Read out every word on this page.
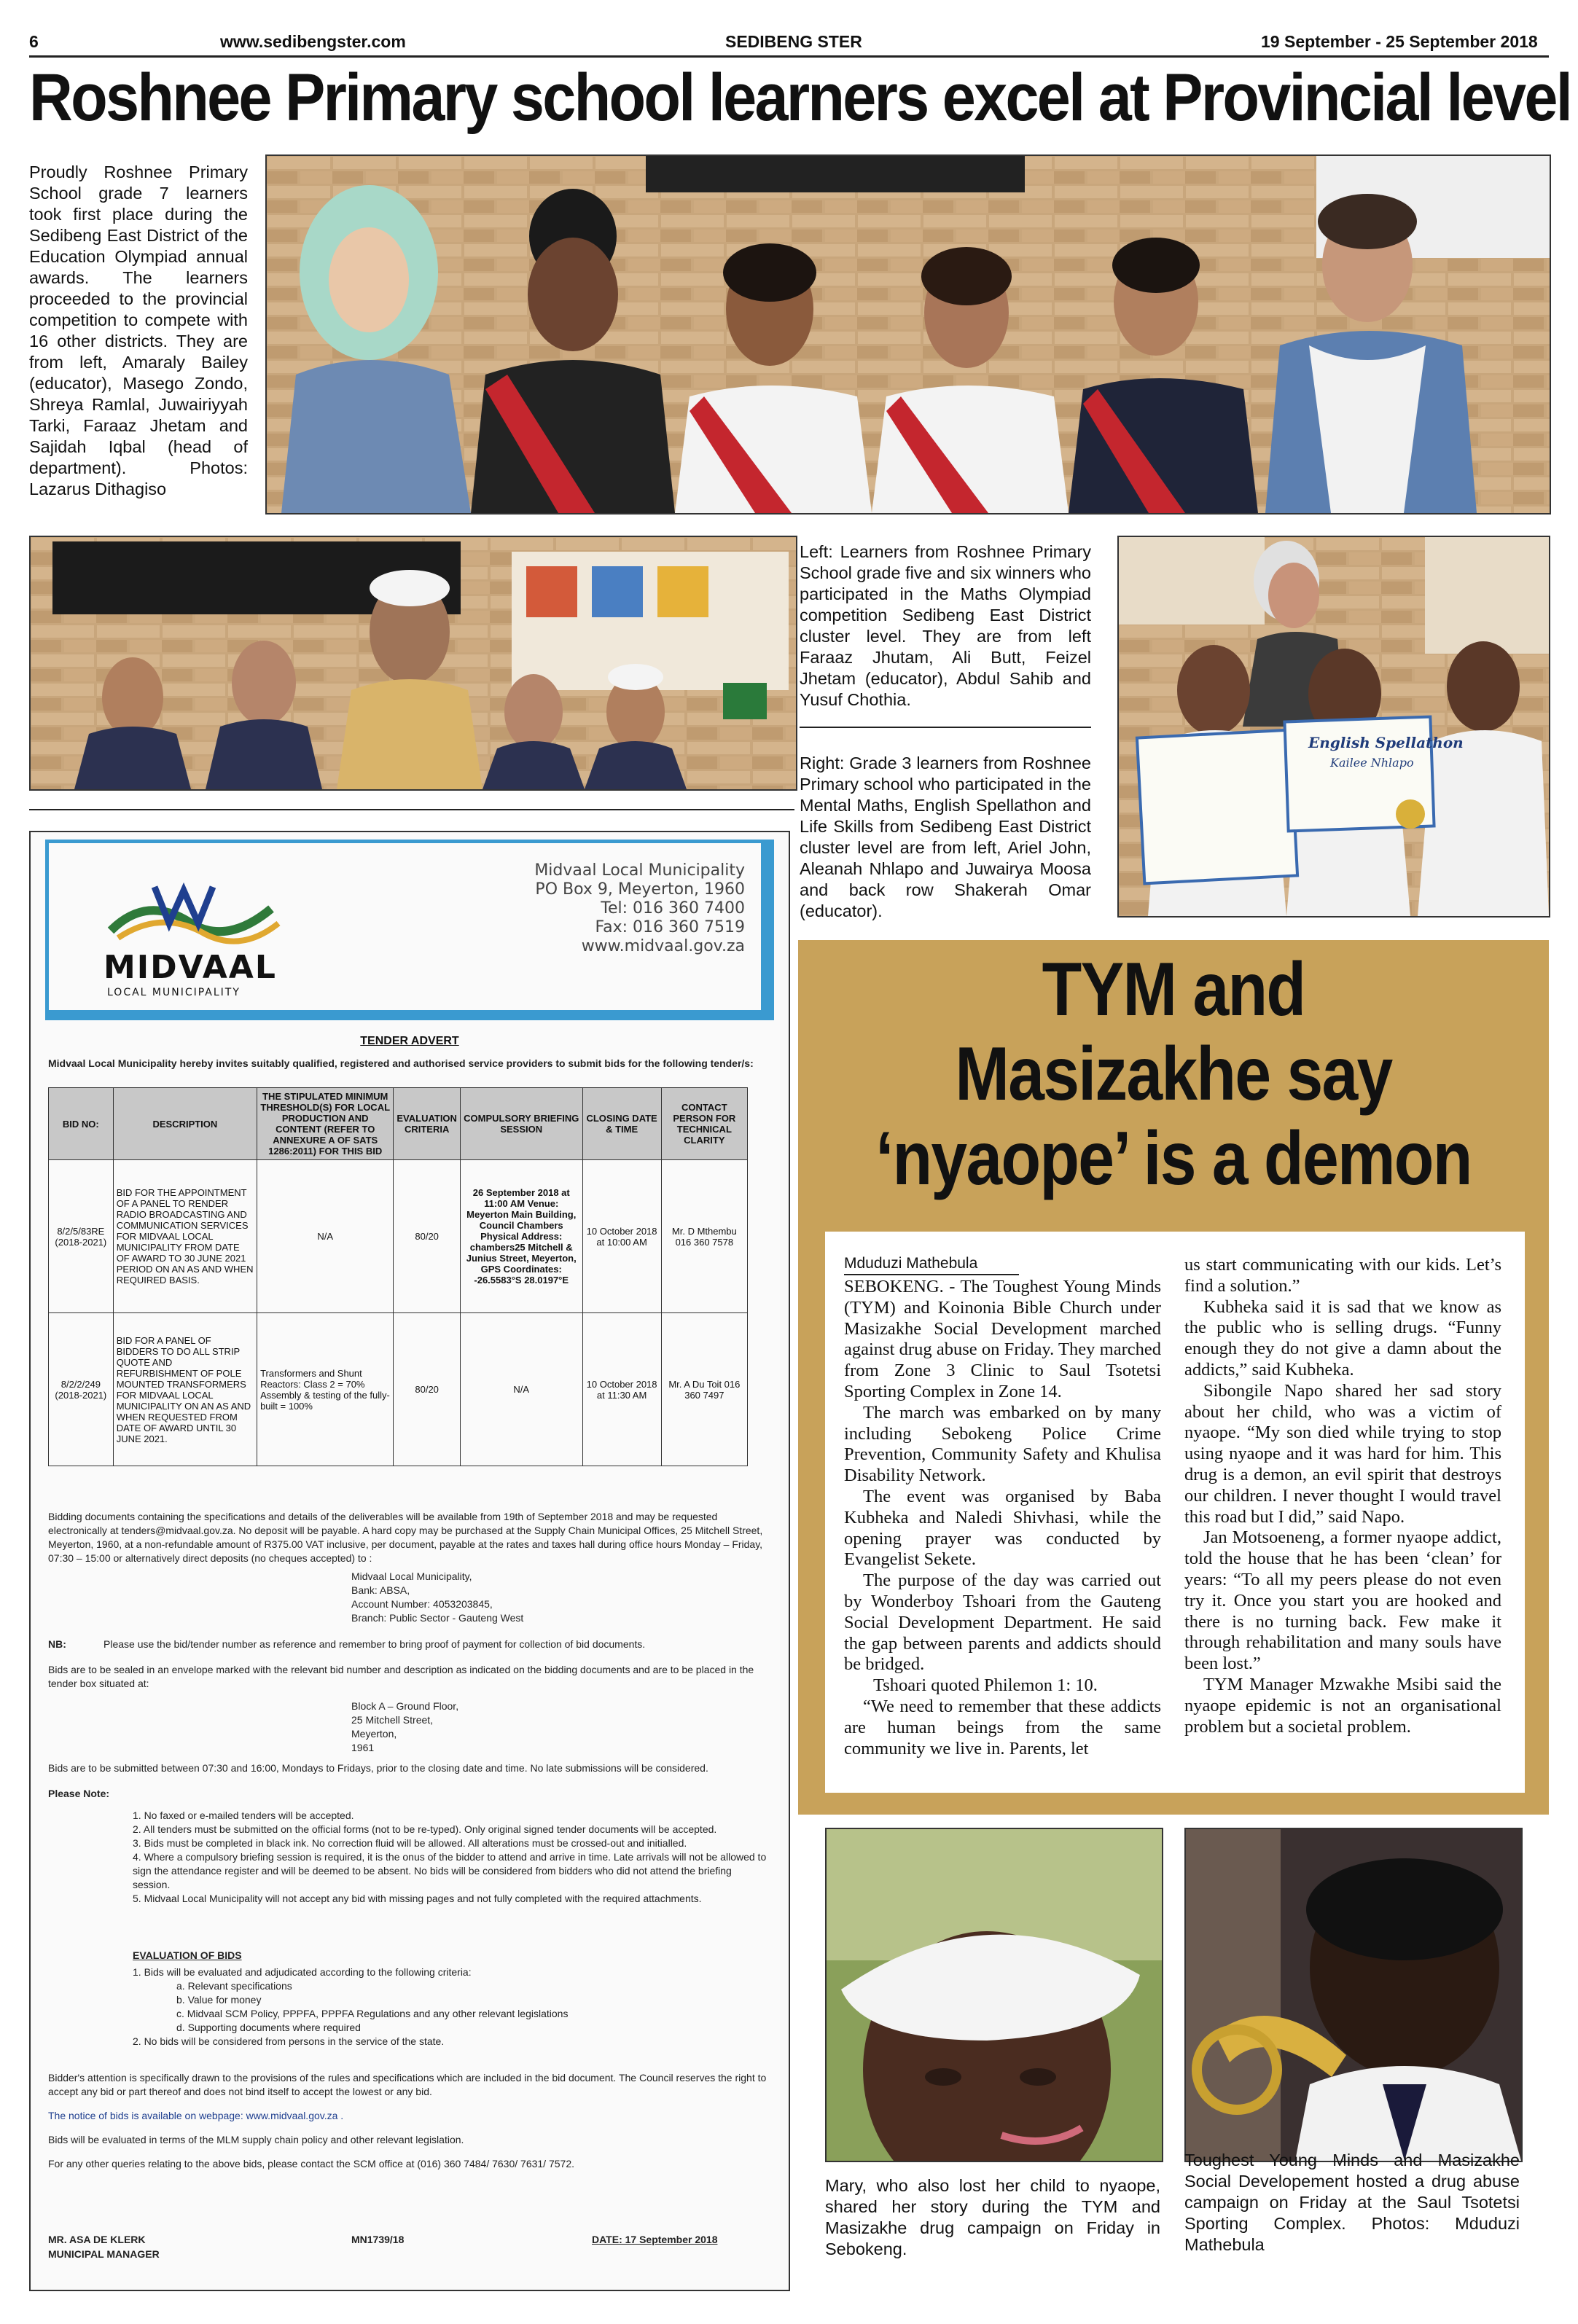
6	www.sedibengster.com	SEDIBENG STER	19 September - 25 September 2018
Roshnee Primary school learners excel at Provincial level
Proudly Roshnee Primary School grade 7 learners took first place during the Sedibeng East District of the Education Olympiad annual awards. The learners proceeded to the provincial competition to compete with 16 other districts. They are from left, Amaraly Bailey (educator), Masego Zondo, Shreya Ramlal, Juwairiyyah Tarki, Faraaz Jhetam and Sajidah Iqbal (head of department). Photos: Lazarus Dithagiso
Left: Learners from Roshnee Primary School grade five and six winners who participated in the Maths Olympiad competition Sedibeng East District cluster level. They are from left Faraaz Jhutam, Ali Butt, Feizel Jhetam (educator), Abdul Sahib and Yusuf Chothia.
Right: Grade 3 learners from Roshnee Primary school who participated in the Mental Maths, English Spellathon and Life Skills from Sedibeng East District cluster level are from left, Ariel John, Aleanah Nhlapo and Juwairya Moosa and back row Shakerah Omar (educator).
English Spellathon
Kailee Nhlapo
MIDVAAL
LOCAL MUNICIPALITY
Midvaal Local Municipality
PO Box 9, Meyerton, 1960
Tel: 016 360 7400
Fax: 016 360 7519
www.midvaal.gov.za
TENDER ADVERT
Midvaal Local Municipality hereby invites suitably qualified, registered and authorised service providers to submit bids for the following tender/s:
BID NO:	DESCRIPTION	THE STIPULATED MINIMUM THRESHOLD(S) FOR LOCAL PRODUCTION AND CONTENT (REFER TO ANNEXURE A OF SATS 1286:2011) FOR THIS BID	EVALUATION CRITERIA	COMPULSORY BRIEFING SESSION	CLOSING DATE & TIME	CONTACT PERSON FOR TECHNICAL CLARITY
8/2/5/83RE (2018-2021)	BID FOR THE APPOINTMENT OF A PANEL TO RENDER RADIO BROADCASTING AND COMMUNICATION SERVICES FOR MIDVAAL LOCAL MUNICIPALITY FROM DATE OF AWARD TO 30 JUNE 2021 PERIOD ON AN AS AND WHEN REQUIRED BASIS.	N/A	80/20	26 September 2018 at 11:00 AM Venue: Meyerton Main Building, Council Chambers Physical Address: chambers25 Mitchell & Junius Street, Meyerton, GPS Coordinates: -26.5583°S 28.0197°E	10 October 2018 at 10:00 AM	Mr. D Mthembu 016 360 7578
8/2/2/249 (2018-2021)	BID FOR A PANEL OF BIDDERS TO DO ALL STRIP QUOTE AND REFURBISHMENT OF POLE MOUNTED TRANSFORMERS FOR MIDVAAL LOCAL MUNICIPALITY ON AN AS AND WHEN REQUESTED FROM DATE OF AWARD UNTIL 30 JUNE 2021.	Transformers and Shunt Reactors: Class 2 = 70% Assembly & testing of the fully-built = 100%	80/20	N/A	10 October 2018 at 11:30 AM	Mr. A Du Toit 016 360 7497
Bidding documents containing the specifications and details of the deliverables will be available from 19th of September 2018 and may be requested electronically at tenders@midvaal.gov.za. No deposit will be payable. A hard copy may be purchased at the Supply Chain Municipal Offices, 25 Mitchell Street, Meyerton, 1960, at a non-refundable amount of R375.00 VAT inclusive, per document, payable at the rates and taxes hall during office hours Monday – Friday, 07:30 – 15:00 or alternatively direct deposits (no cheques accepted) to :
Midvaal Local Municipality,
Bank: ABSA,
Account Number: 4053203845,
Branch: Public Sector - Gauteng West
NB:	Please use the bid/tender number as reference and remember to bring proof of payment for collection of bid documents.
Bids are to be sealed in an envelope marked with the relevant bid number and description as indicated on the bidding documents and are to be placed in the tender box situated at:
Block A – Ground Floor,
25 Mitchell Street,
Meyerton,
1961
Bids are to be submitted between 07:30 and 16:00, Mondays to Fridays, prior to the closing date and time. No late submissions will be considered.
Please Note:
1. No faxed or e-mailed tenders will be accepted.
2. All tenders must be submitted on the official forms (not to be re-typed). Only original signed tender documents will be accepted.
3. Bids must be completed in black ink. No correction fluid will be allowed. All alterations must be crossed-out and initialled.
4. Where a compulsory briefing session is required, it is the onus of the bidder to attend and arrive in time. Late arrivals will not be allowed to sign the attendance register and will be deemed to be absent. No bids will be considered from bidders who did not attend the briefing session.
5. Midvaal Local Municipality will not accept any bid with missing pages and not fully completed with the required attachments.
EVALUATION OF BIDS
1. Bids will be evaluated and adjudicated according to the following criteria:
a. Relevant specifications
b. Value for money
c. Midvaal SCM Policy, PPPFA, PPPFA Regulations and any other relevant legislations
d. Supporting documents where required
2. No bids will be considered from persons in the service of the state.
Bidder's attention is specifically drawn to the provisions of the rules and specifications which are included in the bid document. The Council reserves the right to accept any bid or part thereof and does not bind itself to accept the lowest or any bid.
The notice of bids is available on webpage: www.midvaal.gov.za .
Bids will be evaluated in terms of the MLM supply chain policy and other relevant legislation.
For any other queries relating to the above bids, please contact the SCM office at (016) 360 7484/ 7630/ 7631/ 7572.
MR. ASA DE KLERK
MUNICIPAL MANAGER
MN1739/18	DATE: 17 September 2018
TYM and
Masizakhe say
‘nyaope’ is a demon
Mduduzi Mathebula

SEBOKENG. - The Toughest Young Minds (TYM) and Koinonia Bible Church under Masizakhe Social Development marched against drug abuse on Friday. They marched from Zone 3 Clinic to Saul Tsotetsi Sporting Complex in Zone 14.

The march was embarked on by many including Sebokeng Police Crime Prevention, Community Safety and Khulisa Disability Network.

The event was organised by Baba Kubheka and Naledi Shivhasi, while the opening prayer was conducted by Evangelist Sekete.

The purpose of the day was carried out by Wonderboy Tshoari from the Gauteng Social Development Department. He said the gap between parents and addicts should be bridged.

Tshoari quoted Philemon 1: 10.

“We need to remember that these addicts are human beings from the same community we live in. Parents, let

us start communicating with our kids. Let’s find a solution.”

Kubheka said it is sad that we know as the public who is selling drugs. “Funny enough they do not give a damn about the addicts,” said Kubheka.

Sibongile Napo shared her sad story about her child, who was a victim of nyaope. “My son died while trying to stop using nyaope and it was hard for him. This drug is a demon, an evil spirit that destroys our children. I never thought I would travel this road but I did,” said Napo.

Jan Motsoeneng, a former nyaope addict, told the house that he has been ‘clean’ for years: “To all my peers please do not even try it. Once you start you are hooked and there is no turning back. Few make it through rehabilitation and many souls have been lost.”

TYM Manager Mzwakhe Msibi said the nyaope epidemic is not an organisational problem but a societal problem.

Mary, who also lost her child to nyaope, shared her story during the TYM and Masizakhe drug campaign on Friday in Sebokeng.
Toughest Young Minds and Masizakhe Social Developement hosted a drug abuse campaign on Friday at the Saul Tsotetsi Sporting Complex. Photos: Mduduzi Mathebula
